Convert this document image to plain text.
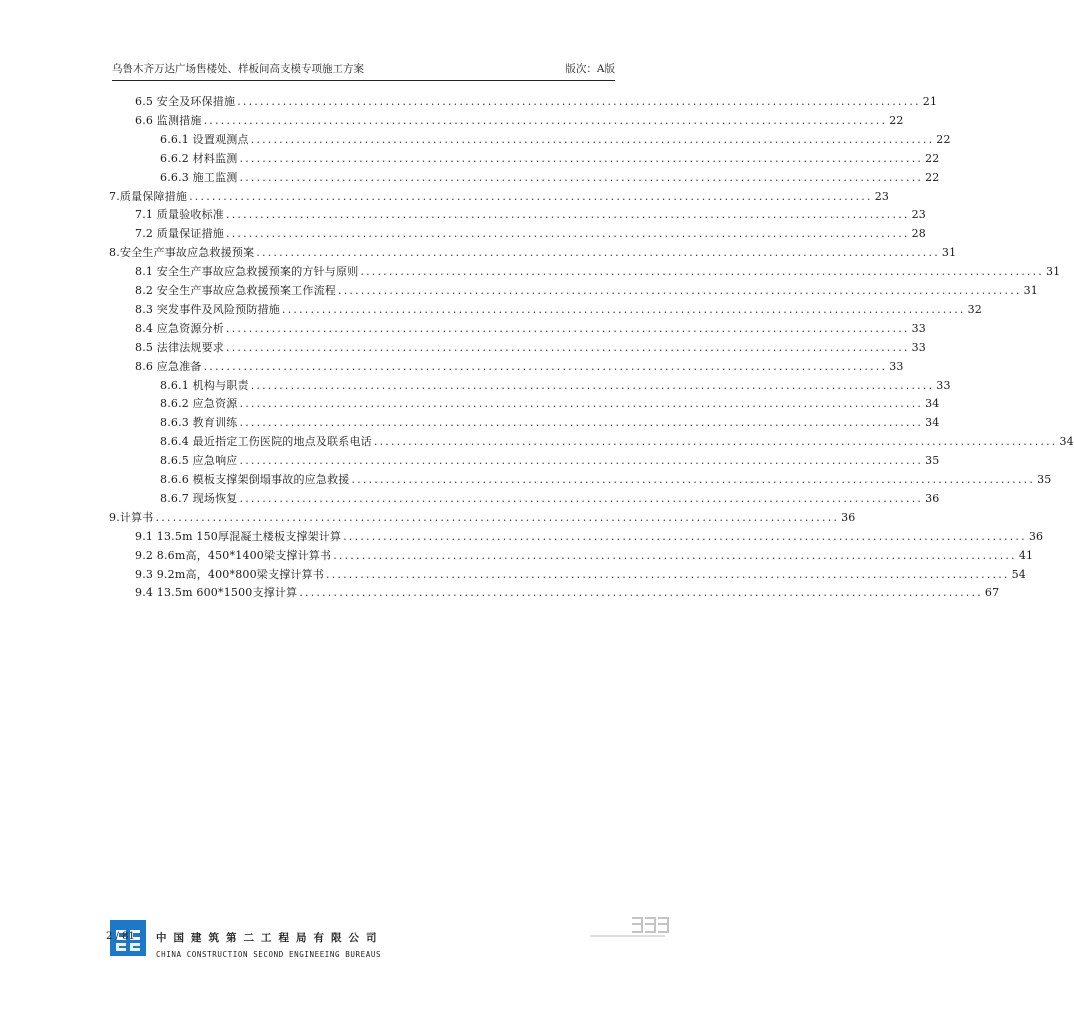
乌鲁木齐万达广场售楼处、样板间高支模专项施工方案	版次：A版
6.5 安全及环保措施 ........................................................................................................................ 21
6.6 监测措施 ........................................................................................................................ 22
6.6.1 设置观测点 ........................................................................................................................ 22
6.6.2 材料监测 ........................................................................................................................ 22
6.6.3 施工监测 ........................................................................................................................ 22
7.质量保障措施 ........................................................................................................................ 23
7.1 质量验收标准 ........................................................................................................................ 23
7.2 质量保证措施 ........................................................................................................................ 28
8.安全生产事故应急救援预案 ........................................................................................................................ 31
8.1 安全生产事故应急救援预案的方针与原则 ........................................................................................................................ 31
8.2 安全生产事故应急救援预案工作流程 ........................................................................................................................ 31
8.3 突发事件及风险预防措施 ........................................................................................................................ 32
8.4 应急资源分析 ........................................................................................................................ 33
8.5 法律法规要求 ........................................................................................................................ 33
8.6 应急准备 ........................................................................................................................ 33
8.6.1 机构与职责 ........................................................................................................................ 33
8.6.2 应急资源 ........................................................................................................................ 34
8.6.3 教育训练 ........................................................................................................................ 34
8.6.4 最近指定工伤医院的地点及联系电话 ........................................................................................................................ 34
8.6.5 应急响应 ........................................................................................................................ 35
8.6.6 模板支撑架倒塌事故的应急救援 ........................................................................................................................ 35
8.6.7 现场恢复 ........................................................................................................................ 36
9.计算书 ........................................................................................................................ 36
9.1 13.5m 150厚混凝土楼板支撑架计算 ........................................................................................................................ 36
9.2 8.6m高，450*1400梁支撑计算书 ........................................................................................................................ 41
9.3 9.2m高，400*800梁支撑计算书 ........................................................................................................................ 54
9.4 13.5m 600*1500支撑计算 ........................................................................................................................ 67
2 / 81 中国建筑第二工程局有限公司
CHINA CONSTRUCTION SECOND ENGINEEING BUREAUS
